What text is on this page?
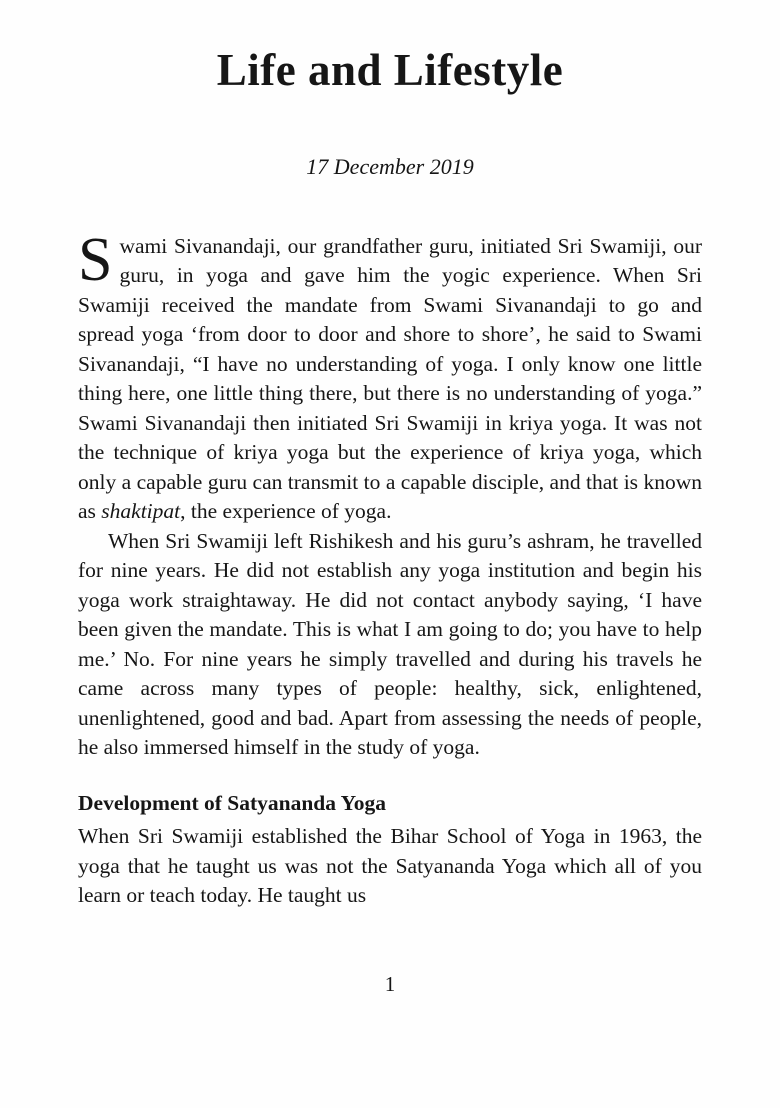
Life and Lifestyle
17 December 2019

Swami Sivanandaji, our grandfather guru, initiated Sri Swamiji, our guru, in yoga and gave him the yogic experience. When Sri Swamiji received the mandate from Swami Sivanandaji to go and spread yoga ‘from door to door and shore to shore’, he said to Swami Sivanandaji, “I have no understanding of yoga. I only know one little thing here, one little thing there, but there is no understanding of yoga.” Swami Sivanandaji then initiated Sri Swamiji in kriya yoga. It was not the technique of kriya yoga but the experience of kriya yoga, which only a capable guru can transmit to a capable disciple, and that is known as shaktipat, the experience of yoga.

When Sri Swamiji left Rishikesh and his guru’s ashram, he travelled for nine years. He did not establish any yoga institution and begin his yoga work straightaway. He did not contact anybody saying, ‘I have been given the mandate. This is what I am going to do; you have to help me.’ No. For nine years he simply travelled and during his travels he came across many types of people: healthy, sick, enlightened, unenlightened, good and bad. Apart from assessing the needs of people, he also immersed himself in the study of yoga.

Development of Satyananda Yoga

When Sri Swamiji established the Bihar School of Yoga in 1963, the yoga that he taught us was not the Satyananda Yoga which all of you learn or teach today. He taught us

1
